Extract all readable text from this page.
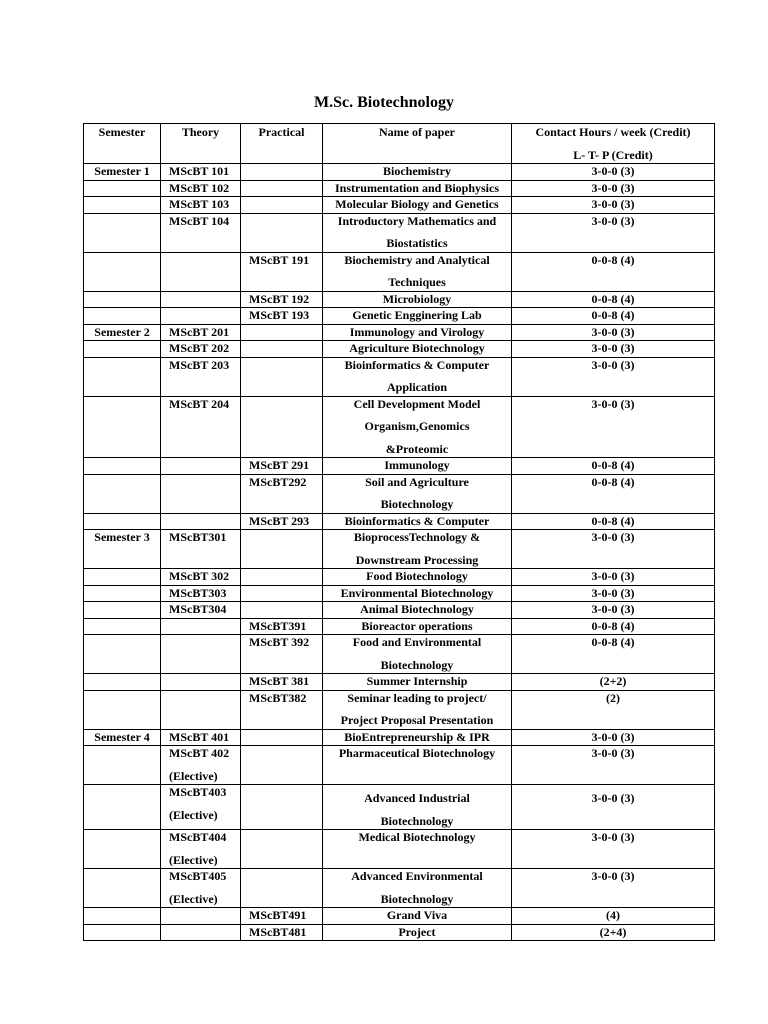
M.Sc. Biotechnology
Semester	Theory	Practical	Name of paper	Contact Hours / week (Credit)
L- T- P (Credit)

Semester 1	MScBT 101		Biochemistry	3-0-0 (3)
	MScBT 102		Instrumentation and Biophysics	3-0-0 (3)
	MScBT 103		Molecular Biology and Genetics	3-0-0 (3)
	MScBT 104		Introductory Mathematics and
Biostatistics	3-0-0 (3)
		MScBT 191	Biochemistry and Analytical
Techniques	0-0-8 (4)
		MScBT 192	Microbiology	0-0-8 (4)
		MScBT 193	Genetic Engginering Lab	0-0-8 (4)
Semester 2	MScBT 201		Immunology and Virology	3-0-0 (3)
	MScBT 202		Agriculture Biotechnology	3-0-0 (3)
	MScBT 203		Bioinformatics & Computer
Application	3-0-0 (3)
	MScBT 204		Cell Development Model
Organism,Genomics
&Proteomic	3-0-0 (3)
		MScBT 291	Immunology	0-0-8 (4)
		MScBT292	Soil and Agriculture
Biotechnology	0-0-8 (4)
		MScBT 293	Bioinformatics & Computer	0-0-8 (4)
Semester 3	MScBT301		BioprocessTechnology &
Downstream Processing	3-0-0 (3)
	MScBT 302		Food Biotechnology	3-0-0 (3)
	MScBT303		Environmental Biotechnology	3-0-0 (3)
	MScBT304		Animal Biotechnology	3-0-0 (3)
		MScBT391	Bioreactor operations	0-0-8 (4)
		MScBT 392	Food and Environmental
Biotechnology	0-0-8 (4)
		MScBT 381	Summer Internship	(2+2)
		MScBT382	Seminar leading to project/
Project Proposal Presentation	(2)
Semester 4	MScBT 401		BioEntrepreneurship & IPR	3-0-0 (3)
	MScBT 402
(Elective)		Pharmaceutical Biotechnology	3-0-0 (3)
	MScBT403
(Elective)		Advanced Industrial
Biotechnology	3-0-0 (3)
	MScBT404
(Elective)		Medical Biotechnology	3-0-0 (3)
	MScBT405
(Elective)		Advanced Environmental
Biotechnology	3-0-0 (3)
		MScBT491	Grand Viva	(4)
		MScBT481	Project	(2+4)
